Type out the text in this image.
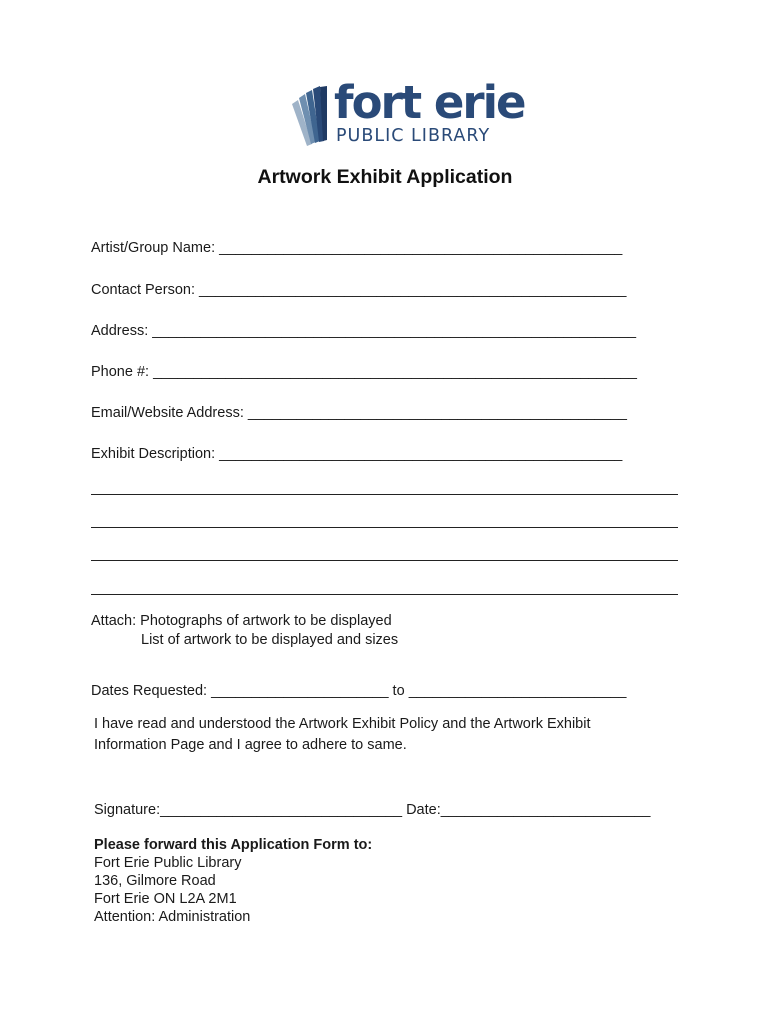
fort erie
PUBLIC LIBRARY
Artwork Exhibit Application
Artist/Group Name: __________________________________________________
Contact Person: _____________________________________________________
Address: ____________________________________________________________
Phone #: ____________________________________________________________
Email/Website Address: _______________________________________________
Exhibit Description: __________________________________________________
Attach: Photographs of artwork to be displayed
List of artwork to be displayed and sizes
Dates Requested: ______________________ to ___________________________
I have read and understood the Artwork Exhibit Policy and the Artwork Exhibit Information Page and I agree to adhere to same.
Signature:______________________________ Date:__________________________
Please forward this Application Form to:
Fort Erie Public Library
136, Gilmore Road
Fort Erie ON L2A 2M1
Attention: Administration
